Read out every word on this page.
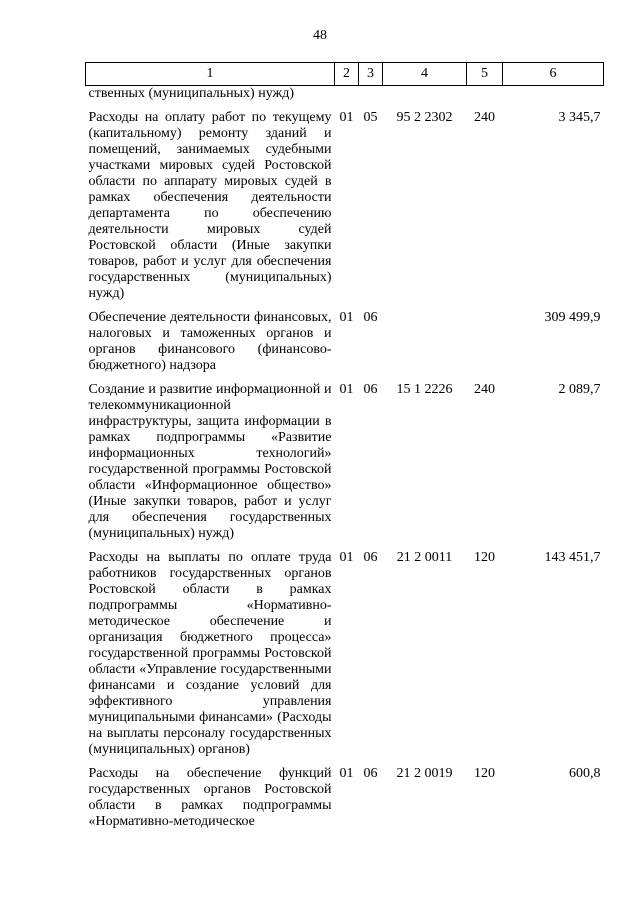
48
1	2	3	4	5	6
ственных (муниципальных) нужд)					
Расходы на оплату работ по текущему (капитальному) ремонту зданий и помещений, занимаемых судебными участками мировых судей Ростовской области по аппарату мировых судей в рамках обеспечения деятельности департамента по обеспечению деятельности мировых судей Ростовской области (Иные закупки товаров, работ и услуг для обеспечения государственных (муниципальных) нужд)	01	05	95 2 2302	240	3 345,7
Обеспечение деятельности финансовых, налоговых и таможенных органов и органов финансового (финансово-бюджетного) надзора	01	06			309 499,9
Создание и развитие информационной и телекоммуникационной инфраструктуры, защита информации в рамках подпрограммы «Развитие информационных технологий» государственной программы Ростовской области «Информационное общество» (Иные закупки товаров, работ и услуг для обеспечения государственных (муниципальных) нужд)	01	06	15 1 2226	240	2 089,7
Расходы на выплаты по оплате труда работников государственных органов Ростовской области в рамках подпрограммы «Нормативно-методическое обеспечение и организация бюджетного процесса» государственной программы Ростовской области «Управление государственными финансами и создание условий для эффективного управления муниципальными финансами» (Расходы на выплаты персоналу государственных (муниципальных) органов)	01	06	21 2 0011	120	143 451,7
Расходы на обеспечение функций государственных органов Ростовской области в рамках подпрограммы «Нормативно-методическое	01	06	21 2 0019	120	600,8
